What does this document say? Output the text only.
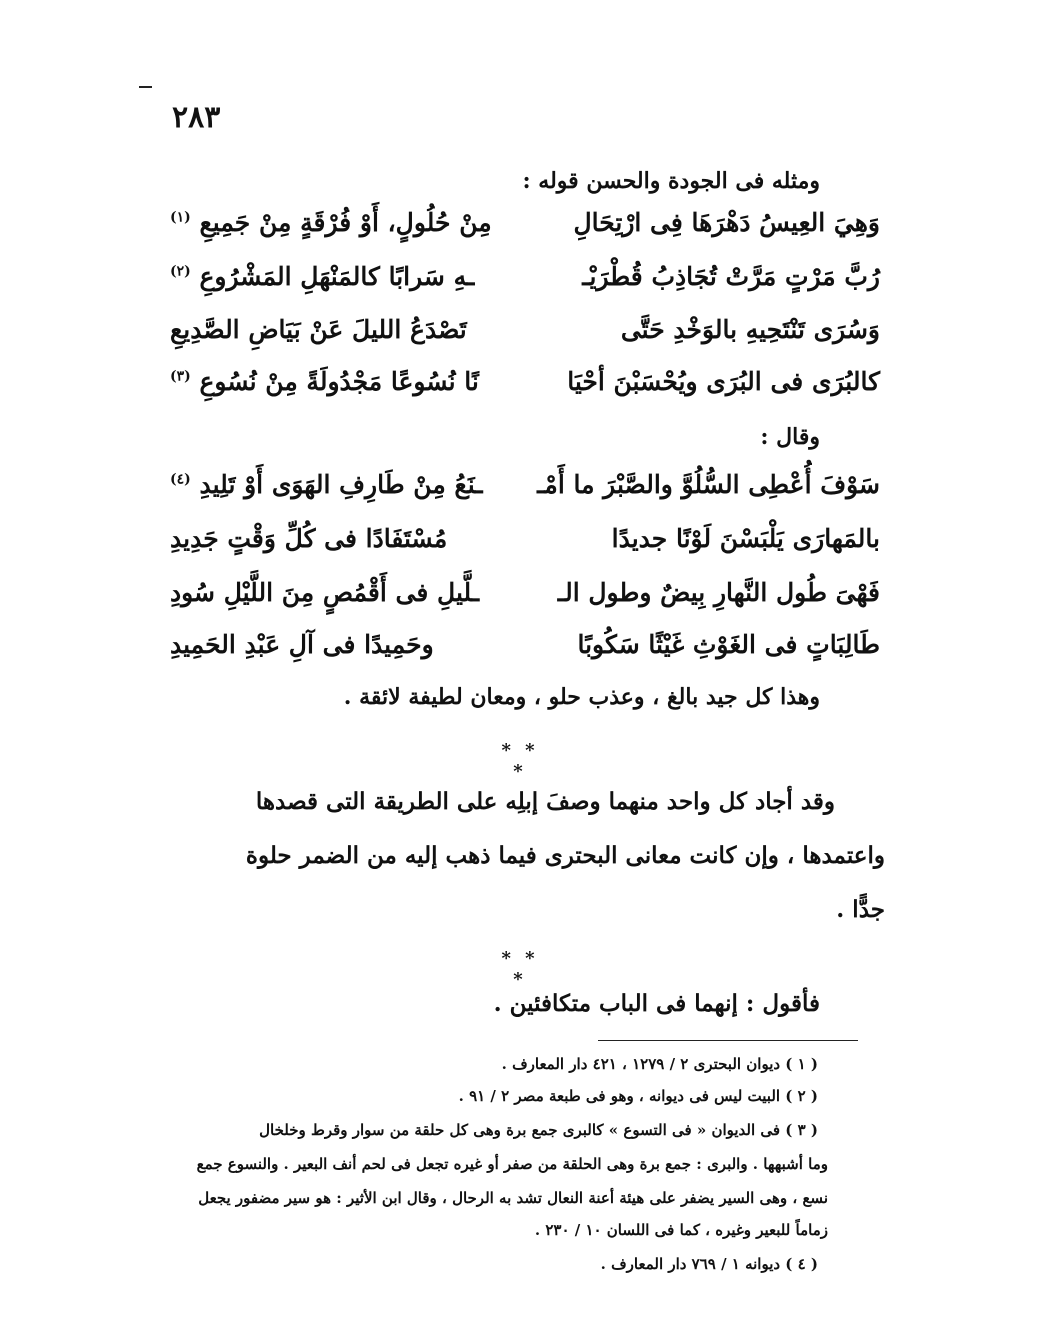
٢٨٣
ومثله فى الجودة والحسن قوله :
وَهِيَ العِيسُ دَهْرَهَا فِى ارْتِحَالِ
مِنْ حُلُولٍ، أَوْ فُرْقَةٍ مِنْ جَمِيعِ $^{(١)}$
رُبَّ مَرْتٍ مَرَّتْ تُجَاذِبُ قُطْرَيْـ
ـهِ سَرابًا كالمَنْهَلِ المَشْرُوعِ $^{(٢)}$
وَسُرَى تَنْتَحِيهِ بالوَخْدِ حَتَّى
تَصْدَعُ الليلَ عَنْ بَيَاضِ الصَّدِيعِ
كالبُرَى فى البُرَى ويُحْسَبْنَ أحْيَا
نًا نُسُوعًا مَجْدُولَةً مِنْ نُسُوعِ $^{(٣)}$
وقال :
سَوْفَ أُعْطِى السُّلُوَّ والصَّبْرَ ما أَمْـ
ـنَعُ مِنْ طَارِفِ الهَوَى أَوْ تَلِيدِ $^{(٤)}$
بالمَهارَى يَلْبَسْنَ لَوْنًا جديدًا
مُسْتَفَادًا فى كُلِّ وَقْتٍ جَدِيدِ
فَهْىَ طُول النَّهارِ بِيضٌ وطول الـ
ـلَّيلِ فى أَقْمُصٍ مِنَ اللَّيْلِ سُودِ
طَالِبَاتٍ فى الغَوْثِ غَيْثًا سَكُوبًا
وحَمِيدًا فى آلِ عَبْدِ الحَمِيدِ
وهذا كل جيد بالغ ، وعذب حلو ، ومعان لطيفة لائقة .
* * *
وقد أجاد كل واحد منهما وصفَ إبلِه على الطريقة التى قصدها
واعتمدها ، وإن كانت معانى البحترى فيما ذهب إليه من الضمر حلوة
جدًّا .
* * *
فأقول : إنهما فى الباب متكافئين .
( ١ ) ديوان البحترى ٢ / ١٢٧٩ ، ٤٢١ دار المعارف .
( ٢ ) البيت ليس فى ديوانه ، وهو فى طبعة مصر ٢ / ٩١ .
( ٣ ) فى الديوان « فى التسوع » كالبرى جمع برة وهى كل حلقة من سوار وقرط وخلخال
وما أشبهها . والبرى : جمع برة وهى الحلقة من صفر أو غيره تجعل فى لحم أنف البعير . والنسوع جمع
نسع ، وهى السير يضفر على هيئة أعنة النعال تشد به الرحال ، وقال ابن الأثير : هو سير مضفور يجعل
زماماً للبعير وغيره ، كما فى اللسان ١٠ / ٢٣٠ .
( ٤ ) ديوانه ١ / ٧٦٩ دار المعارف .
